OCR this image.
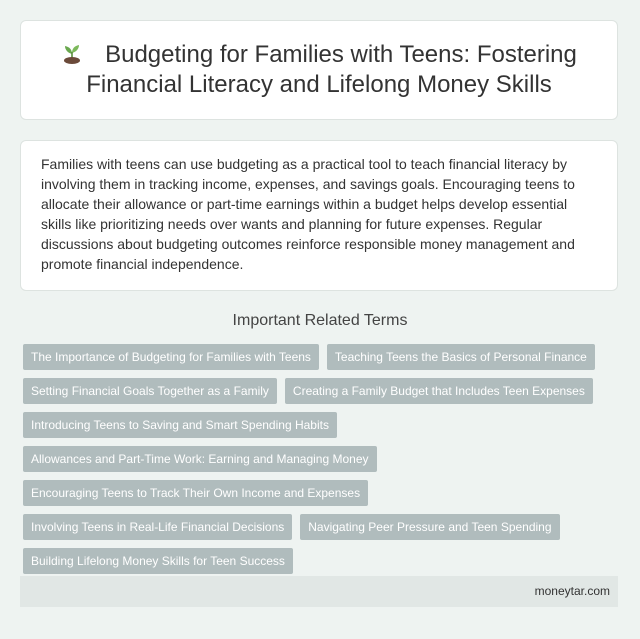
Budgeting for Families with Teens: Fostering Financial Literacy and Lifelong Money Skills

Families with teens can use budgeting as a practical tool to teach financial literacy by involving them in tracking income, expenses, and savings goals. Encouraging teens to allocate their allowance or part-time earnings within a budget helps develop essential skills like prioritizing needs over wants and planning for future expenses. Regular discussions about budgeting outcomes reinforce responsible money management and promote financial independence.

Important Related Terms
The Importance of Budgeting for Families with Teens	Teaching Teens the Basics of Personal Finance
Setting Financial Goals Together as a Family	Creating a Family Budget that Includes Teen Expenses
Introducing Teens to Saving and Smart Spending Habits
Allowances and Part-Time Work: Earning and Managing Money
Encouraging Teens to Track Their Own Income and Expenses
Involving Teens in Real-Life Financial Decisions	Navigating Peer Pressure and Teen Spending
Building Lifelong Money Skills for Teen Success
moneytar.com
